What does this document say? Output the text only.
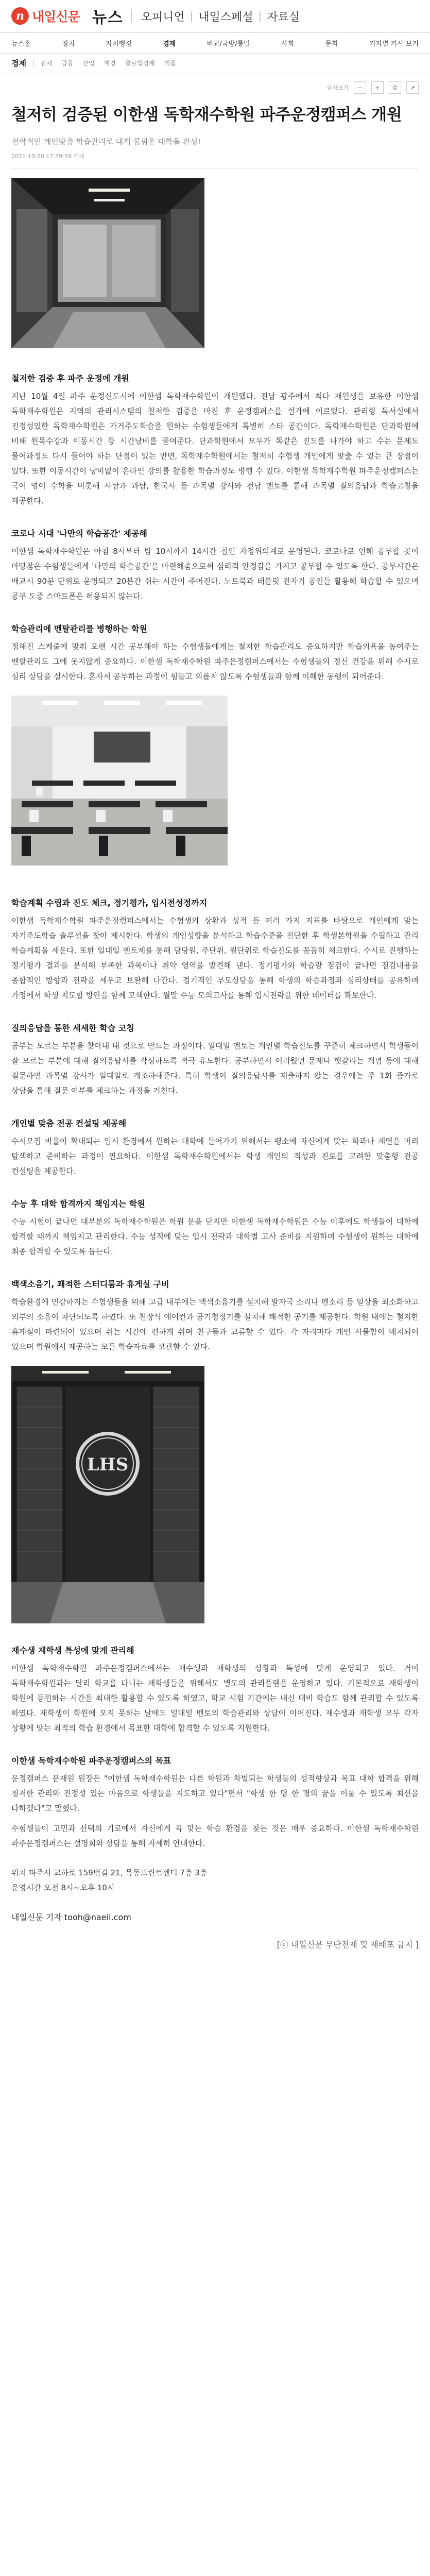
n 내일신문 뉴스 오피니언 | 내일스페셜 | 자료실
뉴스홈	정치	자치행정	경제	비교/국방/통일	사회	문화	기자별 기사 보기
경제 전체 금융 산업 재경 글로벌경제 미품
글자크기	−	+	⎙	↗
철저히 검증된 이한샘 독학재수학원 파주운정캠퍼스 개원
전략적인 계인맞춤 학습관리로 내게 꿈꿔온 대학을 완성!
2021-10-20 17:59:59 게재
철저한 검증 후 파주 운정에 개원

지난 10월 4일 파주 운정신도시에 이한샘 독학재수학원이 개원했다. 전남 광주에서 최다 재원생을 보유한 이한샘 독학재수학원은 지역의 관리시스템의 철저한 검증을 마친 후 운정캠퍼스를 설가에 이르렀다. 관리형 독서실에서 진정성있한 독학재수학원은 가거주도학습을 원하는 수험생들에게 특별히 스타 공간이다. 독학재수학원은 단과학원에 비해 원목수강과 이동시간 등 시간낭비를 줄여준다. 단과학원에서 모두가 똑같은 진도를 나가야 하고 수는 문제도 물어과정도 다시 들어야 하는 단점이 있는 반면, 독학재수학원에서는 철저히 수험생 개인에게 맞출 수 있는 큰 장점이 있다. 또한 이동시간이 낭비없이 온라인 강의를 활용한 학습과정도 병행 수 있다. 이한샘 독학재수학원 파주운정캠퍼스는 국어 영어 수학을 비롯해 사탐과 과탐, 한국사 등 과목별 강사와 전담 멘토를 통해 과목별 질의응답과 학습코칭을 제공한다.

코로나 시대 '나만의 학습공간' 제공해

이한샘 독학재수학원은 아침 8시부터 밤 10시까지 14시간 철인 자정위의계로 운영된다. 코로나로 인해 공부할 곳이 마땅찮은 수험생들에게 '나만의 학습공간'을 마련해줌으로써 심리적 안정감을 가지고 공부할 수 있도록 한다. 공부시간은 매교시 90분 단위로 운영되고 20분간 쉬는 시간이 주어진다. 노트북과 태블릿 전자기 공인들 활용해 학습할 수 있으며 공부 도중 스마트폰은 허용되지 않는다.

학습관리에 멘탈관리를 병행하는 학원

정해진 스케줄에 맞춰 오랜 시간 공부해야 하는 수험생들에게는 철저한 학습관리도 중요하지만 학습의욕을 높여주는 멘탈관리도 그에 못지않게 중요하다. 이한샘 독학재수학원 파주운정캠퍼스에서는 수험생들의 정신 건강을 위해 수시로 심리 상담을 실시한다. 혼자서 공부하는 과정이 힘들고 외롭지 않도록 수험생들과 함께 이해한 동행이 되어준다.

학습계획 수립과 진도 체크, 정기평가, 입시전성정까지

이한샘 독학재수학원 파주운정캠퍼스에서는 수험생의 상황과 성적 등 여러 가지 지표를 바탕으로 개인에게 맞는 자기주도학습 솔루션을 찾아 제시한다. 학생의 개인성향을 분석하고 학습수준을 진단한 후 학생본학월을 수립하고 관리 학습계획을 세운다. 또한 일대일 멘토제를 통해 담당원, 주단위, 월단위로 학습진도를 꼼꼼히 체크한다. 수시로 진행하는 정기평가 결과를 분석해 부족한 과목이나 취약 영역을 발견해 낸다. 정기평가와 학습량 점검이 끝나면 점검내용을 종합적인 방향과 전략을 세우고 보완해 나간다. 정기적인 부모상담을 통해 학생의 학습과정과 심리상태를 공유하며 가정에서 학생 지도할 방안을 함께 모색한다. 월말 수능 모의고사를 통해 입시전략을 위한 데이터를 확보한다.

질의응답을 통한 세세한 학습 코칭

공부는 모르는 부분을 찾아내 내 것으로 만드는 과정이다. 일대일 멘토는 개인별 학습진도를 꾸준히 체크하면서 학생들이 잘 모르는 부분에 대해 질의응답서를 작성하도록 적극 유도한다. 공부하면서 어려웠던 문제나 헷갈리는 개념 등에 대해 질문하면 과목별 강사가 일대일로 개조하해준다. 특히 학생이 질의응답서를 제출하지 않는 경우에는 주 1회 증가로 상담을 통해 질문 여부를 체크하는 과정을 거친다.

개인별 맞춤 전공 컨설팅 제공해

수시모집 비율이 확대되는 입시 환경에서 원하는 대학에 들어가기 위해서는 평소에 자신에게 맞는 학과나 계열을 미리 탐색하고 준비하는 과정이 필요하다. 이한샘 독학재수학원에서는 학생 개인의 적성과 진로를 고려한 맞춤형 전공 컨설팅을 제공한다.

수능 후 대학 합격까지 책임지는 학원

수능 시험이 끝나면 대부분의 독학재수학원은 학원 문을 닫지만 이한샘 독학재수학원은 수능 이후에도 학생들이 대학에 합격할 때까지 책임지고 관리한다. 수능 성적에 맞는 입시 전략과 대학별 고사 준비를 지원하며 수험생이 원하는 대학에 최종 합격할 수 있도록 돕는다.

백색소음기, 쾌적한 스터디룸과 휴게실 구비

학습환경에 민감하지는 수험생들을 위해 고급 내부에는 백색소음기를 설치해 발자국 소리나 펜소리 등 일상을 최소화하고 외부의 소음이 차단되도록 하였다. 또 천장식 에어컨과 공기청정기를 설치해 쾌적한 공기를 제공한다. 학원 내에는 철저한 휴게실이 마련되어 있으며 쉬는 시간에 편하게 쉬며 친구들과 교류할 수 있다. 각 자리마다 개인 사물함이 배치되어 있으며 학원에서 제공하는 모든 학습자료를 보관할 수 있다.

LHS
재수생 재학생 특성에 맞게 관리해

이한샘 독학재수학원 파주운정캠퍼스에서는 재수생과 재학생의 상황과 특성에 맞게 운영되고 있다. 거이 독학재수학원과는 달리 학교를 다니는 재학생들을 위해서도 별도의 관리플랜을 운영하고 있다. 기본적으로 재학생이 학원에 등원하는 시간을 최대한 활용할 수 있도록 하였고, 학교 시험 기간에는 내신 대비 학습도 함께 관리할 수 있도록 하였다. 재학생이 학원에 오지 못하는 날에도 일대일 멘토의 학습관리와 상담이 이어진다. 재수생과 재학생 모두 각자 상황에 맞는 최적의 학습 환경에서 목표한 대학에 합격할 수 있도록 지원한다.

이한샘 독학재수학원 파주운정캠퍼스의 목표

운정캠퍼스 문재원 원장은 "이한샘 독학재수학원은 다른 학원과 차별되는 학생들의 성적향상과 목표 대학 합격을 위해 철저한 관리와 진정성 있는 마음으로 학생들을 지도하고 있다"면서 "학생 한 명 한 명의 꿈을 이룰 수 있도록 최선을 다하겠다"고 말했다.

수험생들이 고민과 선택의 기로에서 자신에게 꼭 맞는 학습 환경을 찾는 것은 매우 중요하다. 이한샘 독학재수학원 파주운정캠퍼스는 설명회와 상담을 통해 자세히 안내한다.

위치 파주시 교하로 159번길 21, 목동프린트센터 7층 3층

운영시간 오전 8시~오후 10시

내일신문 기자 tooh@naeil.com
[ⓒ 내일신문 무단전재 및 재배포 금지 ]
